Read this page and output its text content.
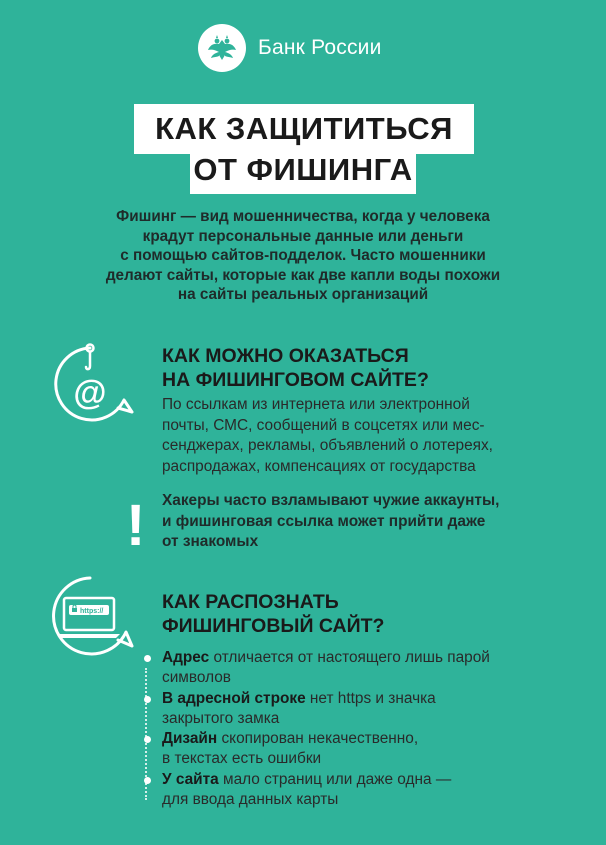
Банк России
КАК ЗАЩИТИТЬСЯ
ОТ ФИШИНГА
Фишинг — вид мошенничества, когда у человека
крадут персональные данные или деньги
с помощью сайтов-подделок. Часто мошенники
делают сайты, которые как две капли воды похожи
на сайты реальных организаций
@
КАК МОЖНО ОКАЗАТЬСЯ
НА ФИШИНГОВОМ САЙТЕ?
По ссылкам из интернета или электронной
почты, СМС, сообщений в соцсетях или мес-
сенджерах, рекламы, объявлений о лотереях,
распродажах, компенсациях от государства
! Хакеры часто взламывают чужие аккаунты,
и фишинговая ссылка может прийти даже
от знакомых
https://	КАК РАСПОЗНАТЬ
ФИШИНГОВЫЙ САЙТ?
Адрес отличается от настоящего лишь парой
символов
В адресной строке нет https и значка
закрытого замка
Дизайн скопирован некачественно,
в текстах есть ошибки
У сайта мало страниц или даже одна —
для ввода данных карты
